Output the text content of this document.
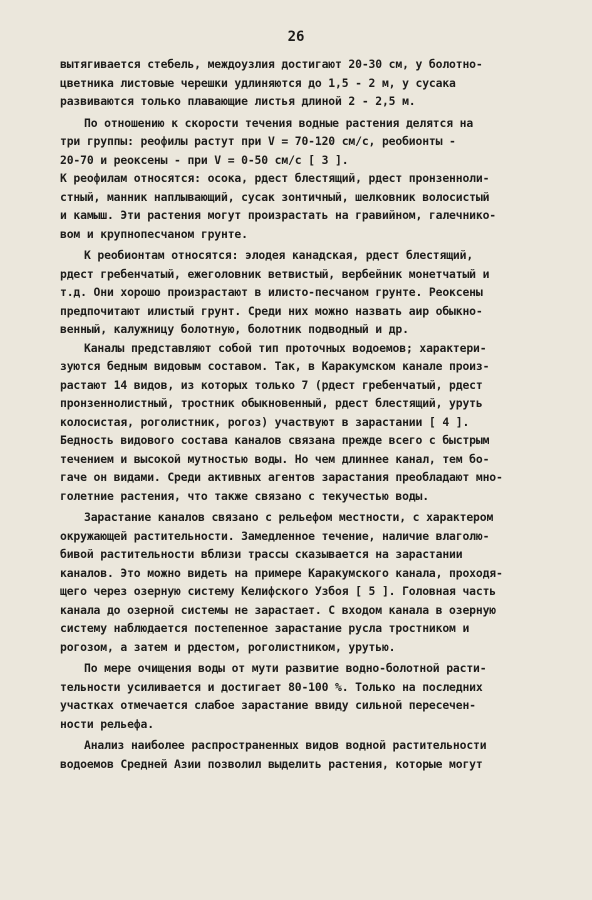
26
вытягивается стебель, междоузлия достигают 20-30 см, у болотно-
цветника листовые черешки удлиняются до 1,5 - 2 м, у сусака
развиваются только плавающие листья длиной 2 - 2,5 м.
По отношению к скорости течения водные растения делятся на
три группы: реофилы растут при V = 70-120 см/с, реобионты -
20-70 и реоксены - при V = 0-50 см/с [ 3 ].
К реофилам относятся: осока, рдест блестящий, рдест пронзеннoли-
стный, манник наплывающий, сусак зонтичный, шелковник волосистый
и камыш. Эти растения могут произрастать на гравийном, галечнико-
вом и крупнопесчаном грунте.
К реобионтам относятся: элодея канадская, рдест блестящий,
рдест гребенчатый, ежеголовник ветвистый, вербейник монетчатый и
т.д. Они хорошо произрастают в илисто-песчаном грунте. Реоксены
предпочитают илистый грунт. Среди них можно назвать аир обыкно-
венный, калужницу болотную, болотник подводный и др.
Каналы представляют собой тип проточных водоемов; характери-
зуются бедным видовым составом. Так, в Каракумском канале произ-
растают 14 видов, из которых только 7 (рдест гребенчатый, рдест
пронзеннолистный, тростник обыкновенный, рдест блестящий, уруть
колосистая, роголистник, рогоз) участвуют в зарастании [ 4 ].
Бедность видового состава каналов связана прежде всего с быстрым
течением и высокой мутностью воды. Но чем длиннее канал, тем бо-
гаче он видами. Среди активных агентов зарастания преобладают мно-
голетние растения, что также связано с текучестью воды.
Зарастание каналов связано с рельефом местности, с характером
окружающей растительности. Замедленное течение, наличие влаголю-
бивой растительности вблизи трассы сказывается на зарастании
каналов. Это можно видеть на примере Каракумского канала, проходя-
щего через озерную систему Келифского Узбоя [ 5 ]. Головная часть
канала до озерной системы не зарастает. С входом канала в озерную
систему наблюдается постепенное зарастание русла тростником и
рогозом, а затем и рдестом, роголистником, урутью.
По мере очищения воды от мути развитие водно-болотной расти-
тельности усиливается и достигает 80-100 %. Только на последних
участках отмечается слабое зарастание ввиду сильной пересечен-
ности рельефа.
Анализ наиболее распространенных видов водной растительности
водоемов Средней Азии позволил выделить растения, которые могут
